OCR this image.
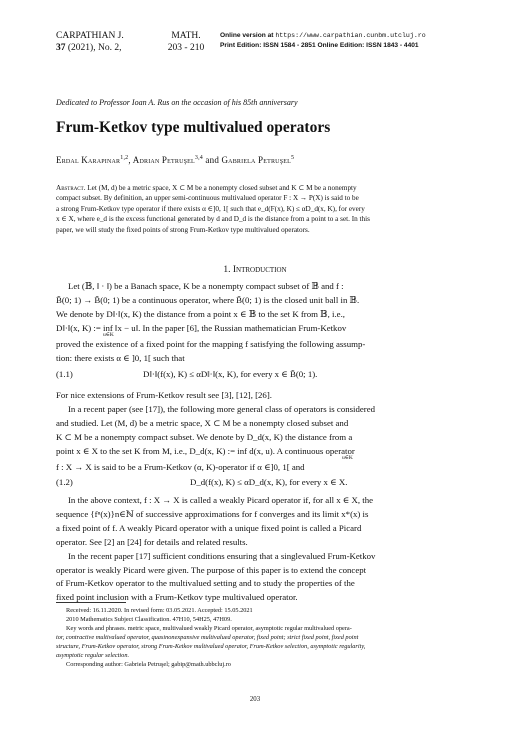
CARPATHIAN J.
37 (2021), No. 2,
MATH.
203 - 210
Online version at https://www.carpathian.cunbm.utcluj.ro
Print Edition: ISSN 1584 - 2851 Online Edition: ISSN 1843 - 4401
Dedicated to Professor Ioan A. Rus on the occasion of his 85th anniversary
Frum-Ketkov type multivalued operators
Erdal Karapınar$^{1,2}$, Adrian Petruşel$^{3,4}$ and Gabriela Petruşel$^5$
Abstract. Let (M, d) be a metric space, X ⊂ M be a nonempty closed subset and K ⊂ M be a nonempty
compact subset. By definition, an upper semi-continuous multivalued operator F : X → P(X) is said to be
a strong Frum-Ketkov type operator if there exists α ∈]0, 1[ such that e_d(F(x), K) ≤ αD_d(x, K), for every
x ∈ X, where e_d is the excess functional generated by d and D_d is the distance from a point to a set. In this
paper, we will study the fixed points of strong Frum-Ketkov type multivalued operators.
1. Introduction
Let (𝔹, ‖ · ‖) be a Banach space, K be a nonempty compact subset of 𝔹 and f :
B̃(0; 1) → B̃(0; 1) be a continuous operator, where B̃(0; 1) is the closed unit ball in 𝔹.
We denote by D‖·‖(x, K) the distance from a point x ∈ 𝔹 to the set K from 𝔹, i.e.,
D‖·‖(x, K) := inf ‖x − u‖. In the paper [6], the Russian mathematician Frum-Ketkov
u∈K
proved the existence of a fixed point for the mapping f satisfying the following assump-
tion: there exists α ∈ ]0, 1[ such that
(1.1)	D‖·‖(f(x), K) ≤ αD‖·‖(x, K), for every x ∈ B̃(0; 1).
For nice extensions of Frum-Ketkov result see [3], [12], [26].
In a recent paper (see [17]), the following more general class of operators is considered
and studied. Let (M, d) be a metric space, X ⊂ M be a nonempty closed subset and
K ⊂ M be a nonempty compact subset. We denote by D_d(x, K) the distance from a
point x ∈ X to the set K from M, i.e., D_d(x, K) := inf d(x, u). A continuous operator
u∈K
f : X → X is said to be a Frum-Ketkov (α, K)-operator if α ∈]0, 1[ and
(1.2)	D_d(f(x), K) ≤ αD_d(x, K), for every x ∈ X.
In the above context, f : X → X is called a weakly Picard operator if, for all x ∈ X, the
sequence {fⁿ(x)}n∈ℕ of successive approximations for f converges and its limit x*(x) is
a fixed point of f. A weakly Picard operator with a unique fixed point is called a Picard
operator. See [2] an [24] for details and related results.
In the recent paper [17] sufficient conditions ensuring that a singlevalued Frum-Ketkov
operator is weakly Picard were given. The purpose of this paper is to extend the concept
of Frum-Ketkov operator to the multivalued setting and to study the properties of the
fixed point inclusion with a Frum-Ketkov type multivalued operator.
Received: 16.11.2020. In revised form: 03.05.2021. Accepted: 15.05.2021
2010 Mathematics Subject Classification. 47H10, 54H25, 47H09.
Key words and phrases. metric space, multivalued weakly Picard operator, asymptotic regular multivalued opera-
tor, contractive multivalued operator, quasinonexpansive multivalued operator, fixed point; strict fixed point, fixed point
structure, Frum-Ketkov operator, strong Frum-Ketkov multivalued operator, Frum-Ketkov selection, asymptotic regularity,
asymptotic regular selection.
Corresponding author: Gabriela Petruşel; gabip@math.ubbcluj.ro
203
